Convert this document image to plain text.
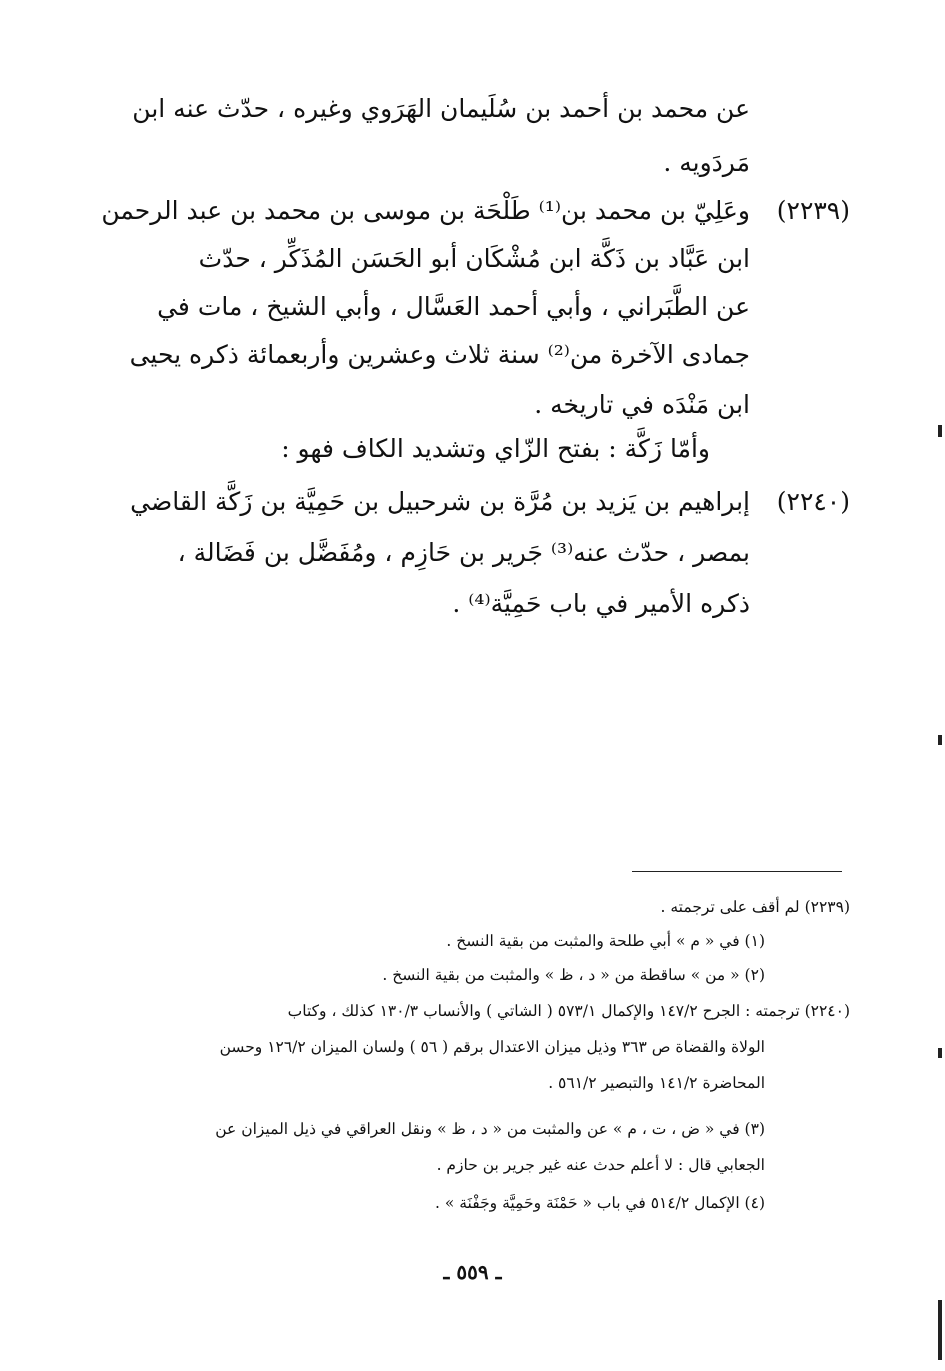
عن محمد بن أحمد بن سُلَيمان الهَرَوي وغيره ، حدّث عنه ابن
مَردَويه .
(٢٢٣٩)
وعَلِيّ بن محمد بن⁽¹⁾ طَلْحَة بن موسى بن محمد بن عبد الرحمن
ابن عَبَّاد بن ذَكَّة ابن مُشْكَان أبو الحَسَن المُذَكِّر ، حدّث
عن الطَّبَراني ، وأبي أحمد العَسَّال ، وأبي الشيخ ، مات في
جمادى الآخرة من⁽²⁾ سنة ثلاث وعشرين وأربعمائة ذكره يحيى
ابن مَنْدَه في تاريخه .
وأمّا زَكَّة : بفتح الزّاي وتشديد الكاف فهو :
(٢٢٤٠)
إبراهيم بن يَزيد بن مُرَّة بن شرحبيل بن حَمِيَّة بن زَكَّة القاضي
بمصر ، حدّث عنه⁽³⁾ جَرير بن حَازِم ، ومُفَضَّل بن فَضَالة ،
ذكره الأمير في باب حَمِيَّة⁽⁴⁾ .
(٢٢٣٩) لم أقف على ترجمته .
(١) في « م » أبي طلحة والمثبت من بقية النسخ .
(٢) « من » ساقطة من « د ، ظ » والمثبت من بقية النسخ .
(٢٢٤٠) ترجمته : الجرح ١٤٧/٢ والإكمال ٥٧٣/١ ( الشاتي ) والأنساب ١٣٠/٣ كذلك ، وكتاب
الولاة والقضاة ص ٣٦٣ وذيل ميزان الاعتدال برقم ( ٥٦ ) ولسان الميزان ١٢٦/٢ وحسن
المحاضرة ١٤١/٢ والتبصير ٥٦١/٢ .
(٣) في « ض ، ت ، م » عن والمثبت من « د ، ظ » ونقل العراقي في ذيل الميزان عن
الجعابي قال : لا أعلم حدث عنه غير جرير بن حازم .
(٤) الإكمال ٥١٤/٢ في باب « حَمْنَة وحَمِيَّة وجَفْنَة » .
ـ ٥٥٩ ـ
